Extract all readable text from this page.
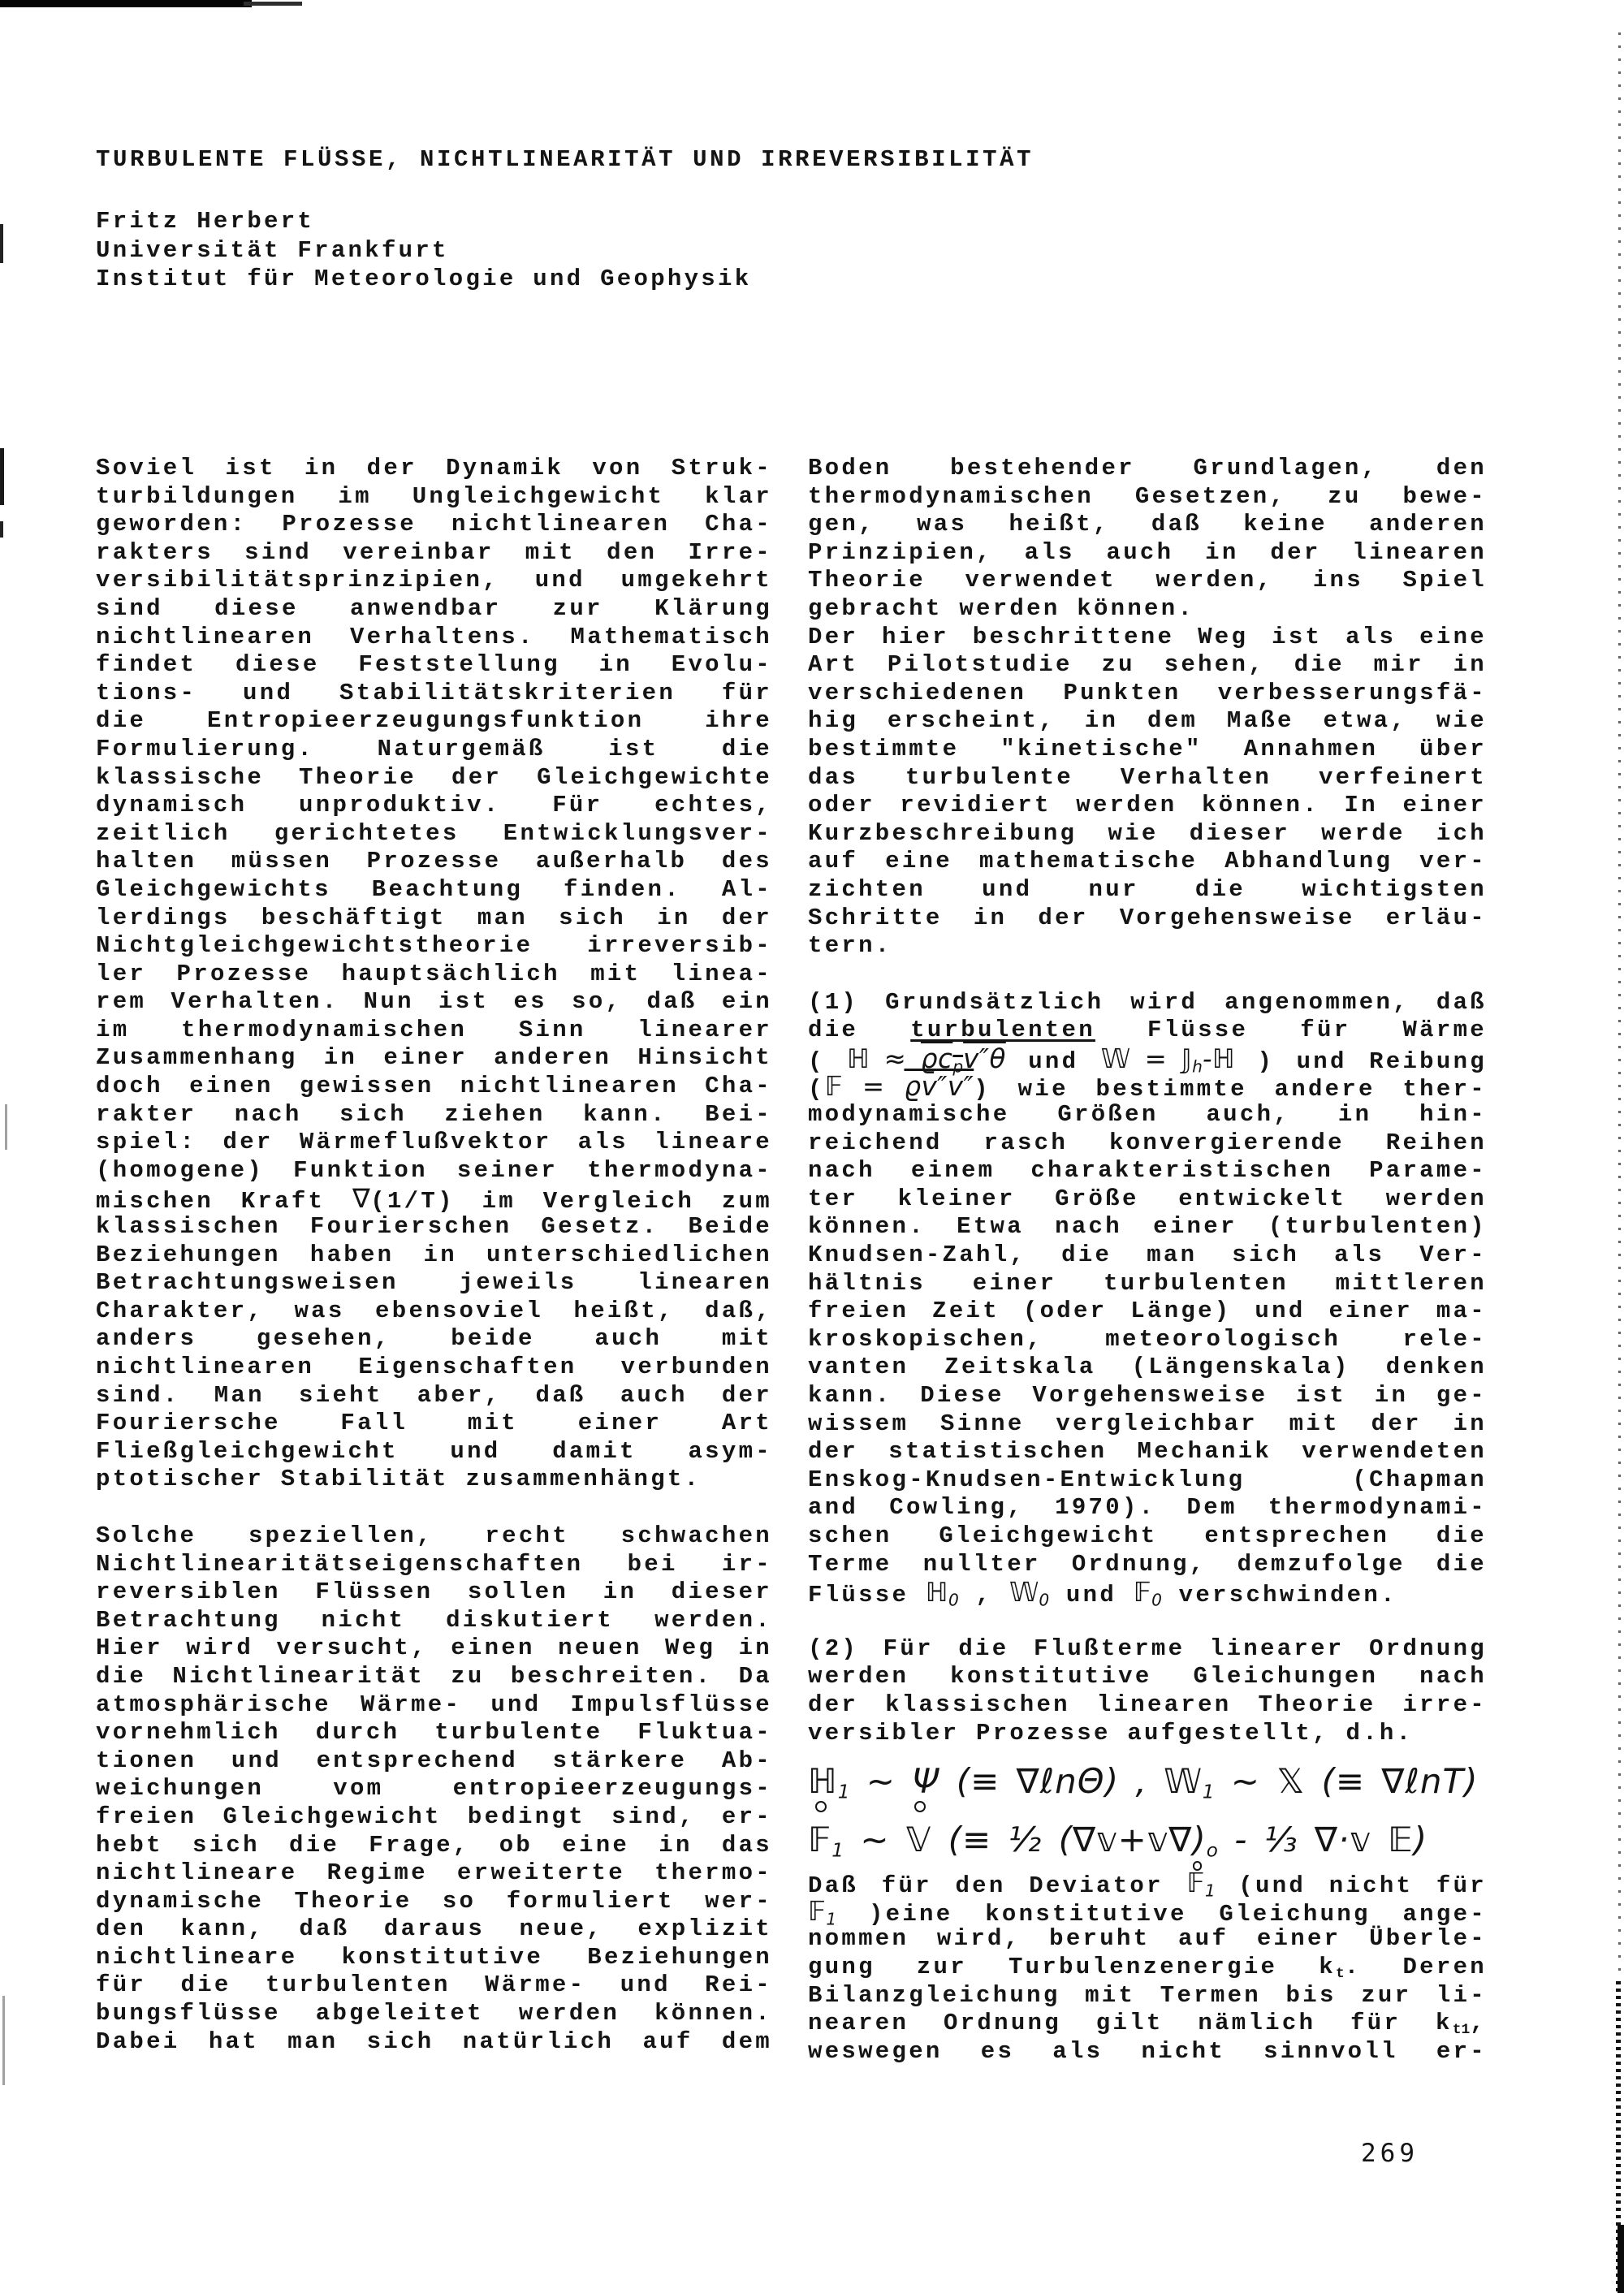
TURBULENTE FLÜSSE, NICHTLINEARITÄT UND IRREVERSIBILITÄT
Fritz Herbert
Universität Frankfurt
Institut für Meteorologie und Geophysik
Soviel ist in der Dynamik von Struk-
turbildungen im Ungleichgewicht klar
geworden: Prozesse nichtlinearen Cha-
rakters sind vereinbar mit den Irre-
versibilitätsprinzipien, und umgekehrt
sind diese anwendbar zur Klärung
nichtlinearen Verhaltens. Mathematisch
findet diese Feststellung in Evolu-
tions- und Stabilitätskriterien für
die Entropieerzeugungsfunktion ihre
Formulierung. Naturgemäß ist die
klassische Theorie der Gleichgewichte
dynamisch unproduktiv. Für echtes,
zeitlich gerichtetes Entwicklungsver-
halten müssen Prozesse außerhalb des
Gleichgewichts Beachtung finden. Al-
lerdings beschäftigt man sich in der
Nichtgleichgewichtstheorie irreversib-
ler Prozesse hauptsächlich mit linea-
rem Verhalten. Nun ist es so, daß ein
im thermodynamischen Sinn linearer
Zusammenhang in einer anderen Hinsicht
doch einen gewissen nichtlinearen Cha-
rakter nach sich ziehen kann. Bei-
spiel: der Wärmeflußvektor als lineare
(homogene) Funktion seiner thermodyna-
mischen Kraft ∇(1/T) im Vergleich zum
klassischen Fourierschen Gesetz. Beide
Beziehungen haben in unterschiedlichen
Betrachtungsweisen jeweils linearen
Charakter, was ebensoviel heißt, daß,
anders gesehen, beide auch mit
nichtlinearen Eigenschaften verbunden
sind. Man sieht aber, daß auch der
Fouriersche Fall mit einer Art
Fließgleichgewicht und damit asym-
ptotischer Stabilität zusammenhängt.
Solche speziellen, recht schwachen
Nichtlinearitätseigenschaften bei ir-
reversiblen Flüssen sollen in dieser
Betrachtung nicht diskutiert werden.
Hier wird versucht, einen neuen Weg in
die Nichtlinearität zu beschreiten. Da
atmosphärische Wärme- und Impulsflüsse
vornehmlich durch turbulente Fluktua-
tionen und entsprechend stärkere Ab-
weichungen vom entropieerzeugungs-
freien Gleichgewicht bedingt sind, er-
hebt sich die Frage, ob eine in das
nichtlineare Regime erweiterte thermo-
dynamische Theorie so formuliert wer-
den kann, daß daraus neue, explizit
nichtlineare konstitutive Beziehungen
für die turbulenten Wärme- und Rei-
bungsflüsse abgeleitet werden können.
Dabei hat man sich natürlich auf dem
Boden bestehender Grundlagen, den
thermodynamischen Gesetzen, zu bewe-
gen, was heißt, daß keine anderen
Prinzipien, als auch in der linearen
Theorie verwendet werden, ins Spiel
gebracht werden können.
Der hier beschrittene Weg ist als eine
Art Pilotstudie zu sehen, die mir in
verschiedenen Punkten verbesserungsfä-
hig erscheint, in dem Maße etwa, wie
bestimmte "kinetische" Annahmen über
das turbulente Verhalten verfeinert
oder revidiert werden können. In einer
Kurzbeschreibung wie dieser werde ich
auf eine mathematische Abhandlung ver-
zichten und nur die wichtigsten
Schritte in der Vorgehensweise erläu-
tern.
(1) Grundsätzlich wird angenommen, daß
die turbulenten Flüsse für Wärme
( ℍ ≈ $ϱc_pv''\theta$ und 𝕎 = 𝕁$_h$-ℍ ) und Reibung
(𝔽 = ϱv″v″) wie bestimmte andere ther-
modynamische Größen auch, in hin-
reichend rasch konvergierende Reihen
nach einem charakteristischen Parame-
ter kleiner Größe entwickelt werden
können. Etwa nach einer (turbulenten)
Knudsen-Zahl, die man sich als Ver-
hältnis einer turbulenten mittleren
freien Zeit (oder Länge) und einer ma-
kroskopischen, meteorologisch rele-
vanten Zeitskala (Längenskala) denken
kann. Diese Vorgehensweise ist in ge-
wissem Sinne vergleichbar mit der in
der statistischen Mechanik verwendeten
Enskog-Knudsen-Entwicklung (Chapman
and Cowling, 1970). Dem thermodynami-
schen Gleichgewicht entsprechen die
Terme nullter Ordnung, demzufolge die
Flüsse ℍ$_0$ , 𝕎$_0$ und 𝔽$_0$ verschwinden.
(2) Für die Flußterme linearer Ordnung
werden konstitutive Gleichungen nach
der klassischen linearen Theorie irre-
versibler Prozesse aufgestellt, d.h.
ℍ$_1$ ~ Ψ (≡ ∇ℓnΘ) , 𝕎$_1$ ~ 𝕏 (≡ ∇ℓnT)
𝔽$_1$ ~ 𝕍 (≡ ½ $(\nabla 𝕧+𝕧\nabla)_o$ - ⅓ ∇·𝕧 𝔼)
Daß für den Deviator 𝔽$_1$ (und nicht für
𝔽$_1$ )eine konstitutive Gleichung ange-
nommen wird, beruht auf einer Überle-
gung zur Turbulenzenergie $k_t$. Deren
Bilanzgleichung mit Termen bis zur li-
nearen Ordnung gilt nämlich für $k_{t1}$,
weswegen es als nicht sinnvoll er-
269
